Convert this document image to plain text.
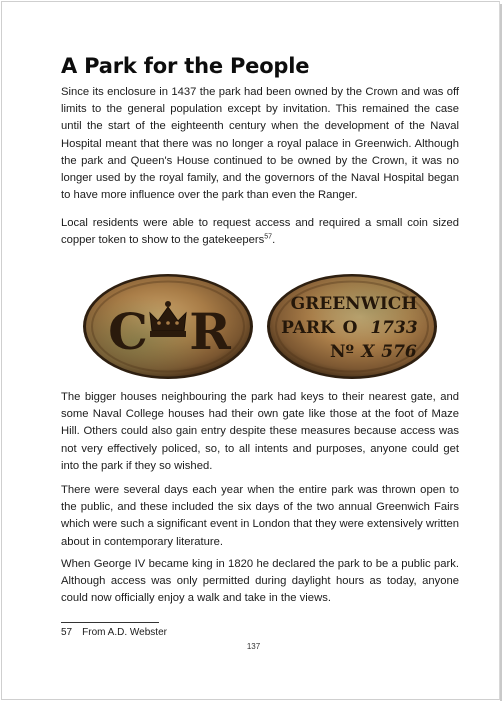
A Park for the People

Since its enclosure in 1437 the park had been owned by the Crown and was off limits to the general population except by invitation. This remained the case until the start of the eighteenth century when the development of the Naval Hospital meant that there was no longer a royal palace in Greenwich. Although the park and Queen's House continued to be owned by the Crown, it was no longer used by the royal family, and the governors of the Naval Hospital began to have more influence over the park than even the Ranger.

Local residents were able to request access and required a small coin sized copper token to show to the gatekeepers$^{57}$.

C R	GREENWICH
PARK O 1733
Nº X 576

The bigger houses neighbouring the park had keys to their nearest gate, and some Naval College houses had their own gate like those at the foot of Maze Hill. Others could also gain entry despite these measures because access was not very effectively policed, so, to all intents and purposes, anyone could get into the park if they so wished.

There were several days each year when the entire park was thrown open to the public, and these included the six days of the two annual Greenwich Fairs which were such a significant event in London that they were extensively written about in contemporary literature.

When George IV became king in 1820 he declared the park to be a public park. Although access was only permitted during daylight hours as today, anyone could now officially enjoy a walk and take in the views.

57 From A.D. Webster
137
